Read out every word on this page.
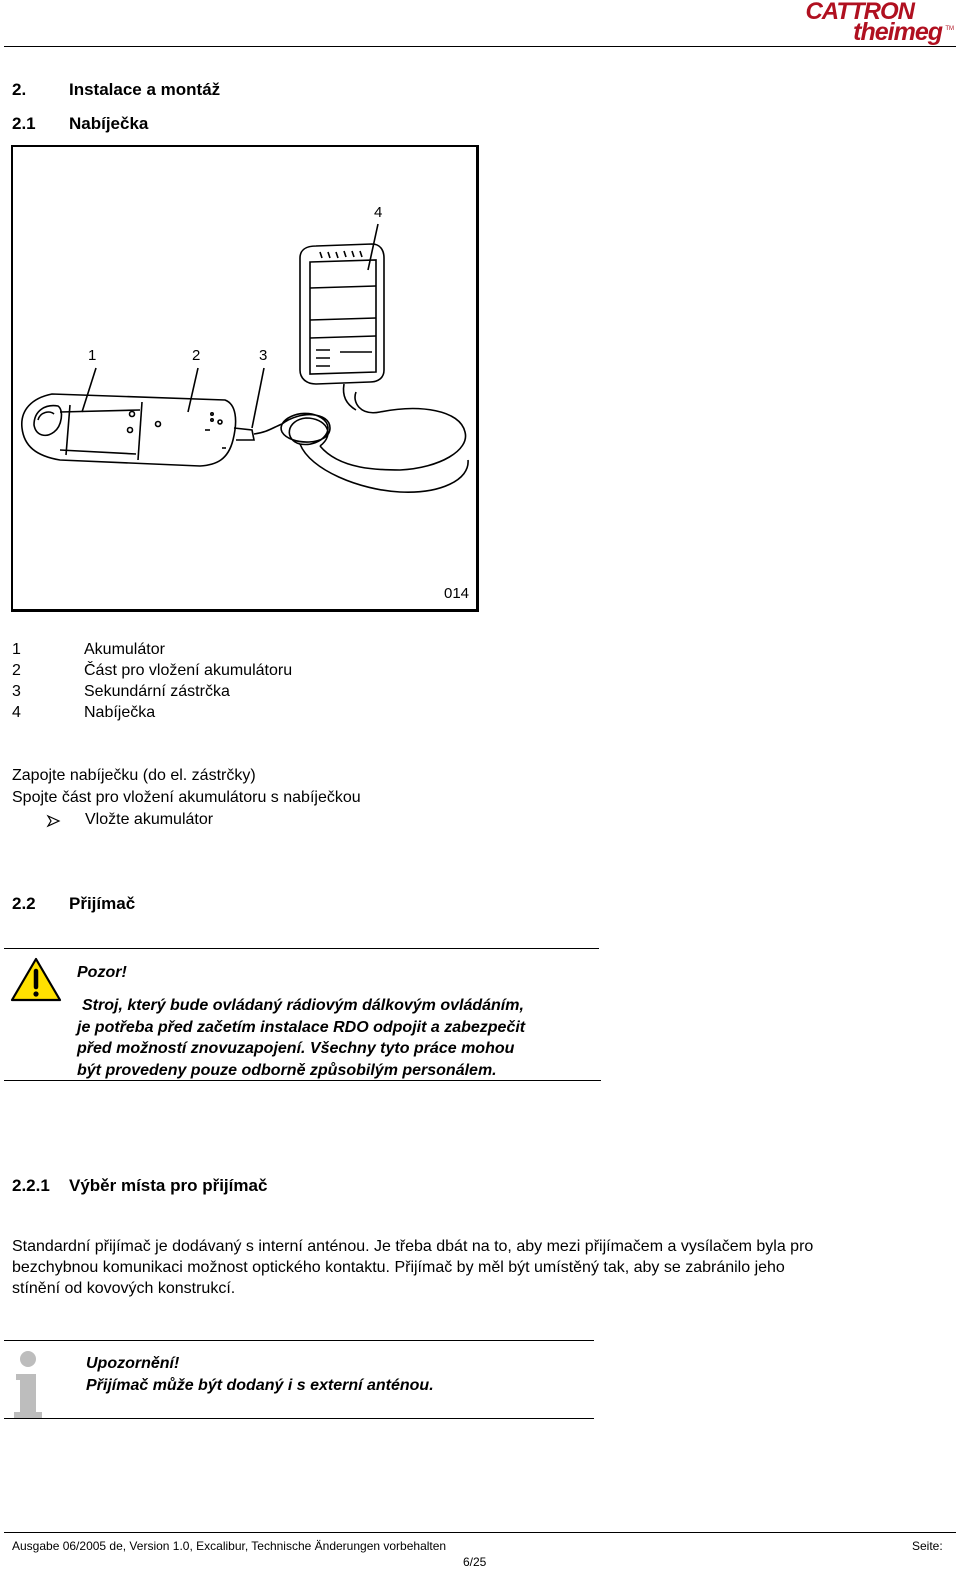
CATTRON
theimeg TM
2.	Instalace a montáž
2.1 Nabíječka
4
1	2	3
014
1	Akumulátor
2	Část pro vložení akumulátoru
3	Sekundární zástrčka
4	Nabíječka
Zapojte nabíječku (do el. zástrčky)
Spojte část pro vložení akumulátoru s nabíječkou
Vložte akumulátor
2.2 Přijímač
Pozor!
Stroj, který bude ovládaný rádiovým dálkovým ovládáním,
je potřeba před začetím instalace RDO odpojit a zabezpečit
před možností znovuzapojení. Všechny tyto práce mohou
být provedeny pouze odborně způsobilým personálem.
2.2.1 Výběr místa pro přijímač
Standardní přijímač je dodávaný s interní anténou. Je třeba dbát na to, aby mezi přijímačem a vysílačem byla pro
bezchybnou komunikaci možnost optického kontaktu. Přijímač by měl být umístěný tak, aby se zabránilo jeho
stínění od kovových konstrukcí.
Upozornění!
Přijímač může být dodaný i s externí anténou.
Ausgabe 06/2005 de, Version 1.0, Excalibur, Technische Änderungen vorbehalten	Seite:
6/25
